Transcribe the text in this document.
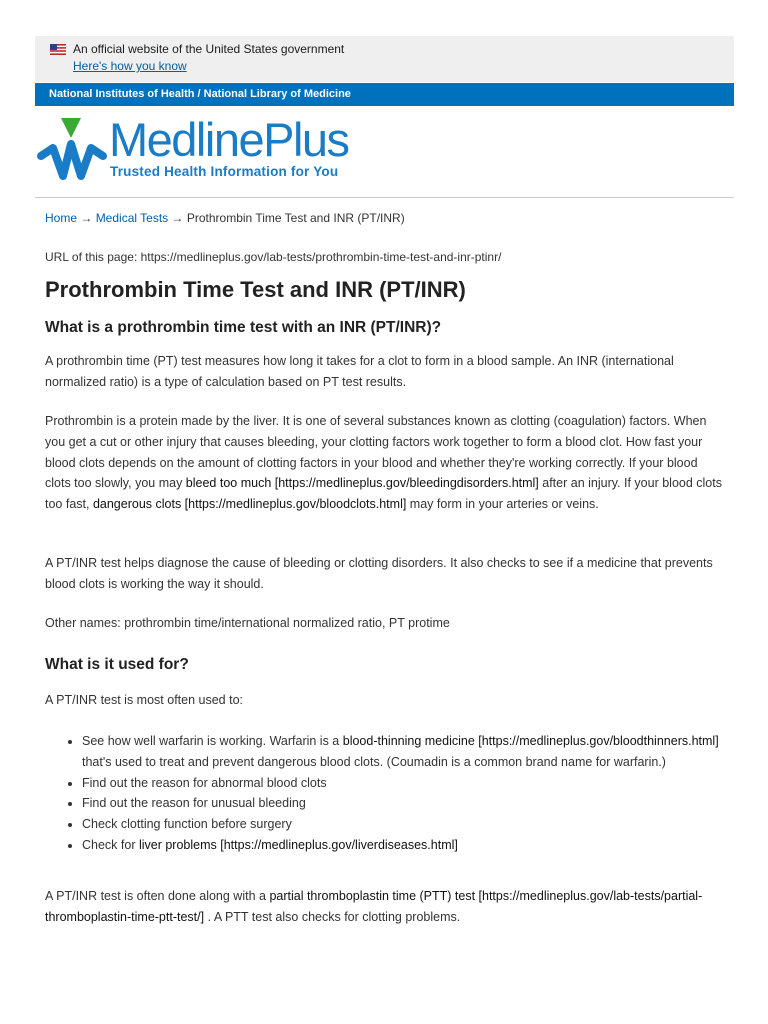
An official website of the United States government
Here's how you know
National Institutes of Health / National Library of Medicine
MedlinePlus
Trusted Health Information for You
Home → Medical Tests → Prothrombin Time Test and INR (PT/INR)
URL of this page: https://medlineplus.gov/lab-tests/prothrombin-time-test-and-inr-ptinr/
Prothrombin Time Test and INR (PT/INR)
What is a prothrombin time test with an INR (PT/INR)?

A prothrombin time (PT) test measures how long it takes for a clot to form in a blood sample. An INR (international normalized ratio) is a type of calculation based on PT test results.

Prothrombin is a protein made by the liver. It is one of several substances known as clotting (coagulation) factors. When you get a cut or other injury that causes bleeding, your clotting factors work together to form a blood clot. How fast your blood clots depends on the amount of clotting factors in your blood and whether they're working correctly. If your blood clots too slowly, you may bleed too much [https://medlineplus.gov/bleedingdisorders.html] after an injury. If your blood clots too fast, dangerous clots [https://medlineplus.gov/bloodclots.html] may form in your arteries or veins.

A PT/INR test helps diagnose the cause of bleeding or clotting disorders. It also checks to see if a medicine that prevents blood clots is working the way it should.

Other names: prothrombin time/international normalized ratio, PT protime

What is it used for?

A PT/INR test is most often used to:

• See how well warfarin is working. Warfarin is a blood-thinning medicine [https://medlineplus.gov/bloodthinners.html] that's used to treat and prevent dangerous blood clots. (Coumadin is a common brand name for warfarin.)
• Find out the reason for abnormal blood clots
• Find out the reason for unusual bleeding
• Check clotting function before surgery
• Check for liver problems [https://medlineplus.gov/liverdiseases.html]

A PT/INR test is often done along with a partial thromboplastin time (PTT) test [https://medlineplus.gov/lab-tests/partial-thromboplastin-time-ptt-test/] . A PTT test also checks for clotting problems.
